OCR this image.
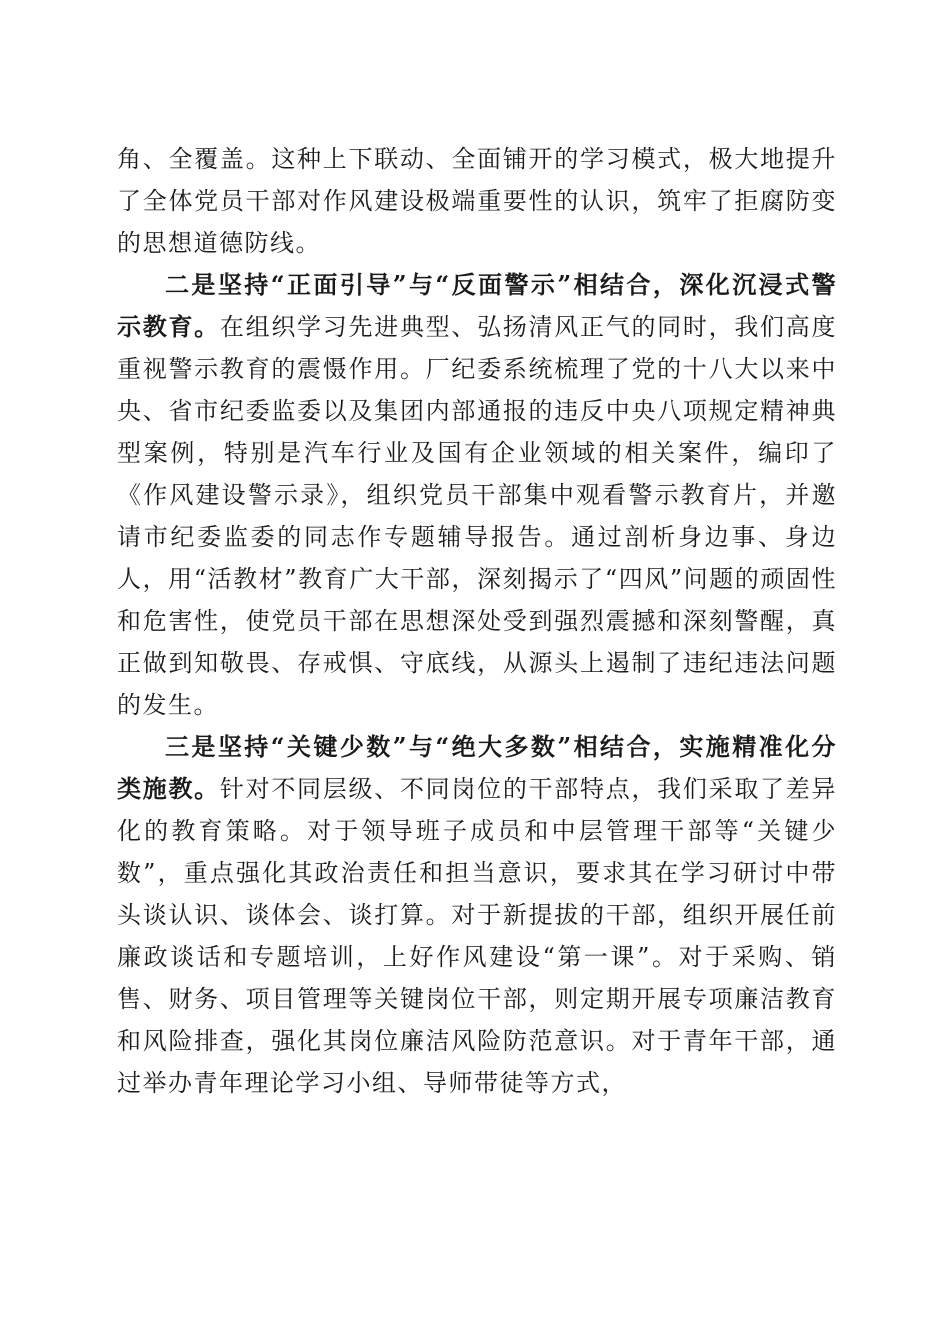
角、全覆盖。这种上下联动、全面铺开的学习模式，极大地提升了全体党员干部对作风建设极端重要性的认识，筑牢了拒腐防变的思想道德防线。

二是坚持“正面引导”与“反面警示”相结合，深化沉浸式警示教育。在组织学习先进典型、弘扬清风正气的同时，我们高度重视警示教育的震慑作用。厂纪委系统梳理了党的十八大以来中央、省市纪委监委以及集团内部通报的违反中央八项规定精神典型案例，特别是汽车行业及国有企业领域的相关案件，编印了《作风建设警示录》，组织党员干部集中观看警示教育片，并邀请市纪委监委的同志作专题辅导报告。通过剖析身边事、身边人，用“活教材”教育广大干部，深刻揭示了“四风”问题的顽固性和危害性，使党员干部在思想深处受到强烈震撼和深刻警醒，真正做到知敬畏、存戒惧、守底线，从源头上遏制了违纪违法问题的发生。

三是坚持“关键少数”与“绝大多数”相结合，实施精准化分类施教。针对不同层级、不同岗位的干部特点，我们采取了差异化的教育策略。对于领导班子成员和中层管理干部等“关键少数”，重点强化其政治责任和担当意识，要求其在学习研讨中带头谈认识、谈体会、谈打算。对于新提拔的干部，组织开展任前廉政谈话和专题培训，上好作风建设“第一课”。对于采购、销售、财务、项目管理等关键岗位干部，则定期开展专项廉洁教育和风险排查，强化其岗位廉洁风险防范意识。对于青年干部，通过举办青年理论学习小组、导师带徒等方式，
